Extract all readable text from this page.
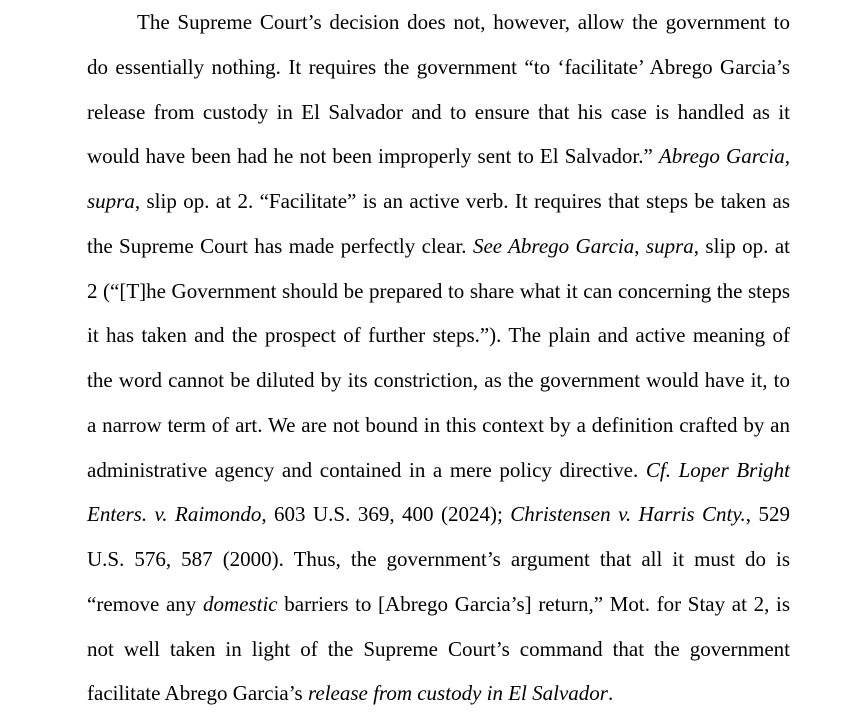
The Supreme Court’s decision does not, however, allow the government to do essentially nothing. It requires the government “to ‘facilitate’ Abrego Garcia’s release from custody in El Salvador and to ensure that his case is handled as it would have been had he not been improperly sent to El Salvador.” Abrego Garcia, supra, slip op. at 2. “Facilitate” is an active verb. It requires that steps be taken as the Supreme Court has made perfectly clear. See Abrego Garcia, supra, slip op. at 2 (“[T]he Government should be prepared to share what it can concerning the steps it has taken and the prospect of further steps.”). The plain and active meaning of the word cannot be diluted by its constriction, as the government would have it, to a narrow term of art. We are not bound in this context by a definition crafted by an administrative agency and contained in a mere policy directive. Cf. Loper Bright Enters. v. Raimondo, 603 U.S. 369, 400 (2024); Christensen v. Harris Cnty., 529 U.S. 576, 587 (2000). Thus, the government’s argument that all it must do is “remove any domestic barriers to [Abrego Garcia’s] return,” Mot. for Stay at 2, is not well taken in light of the Supreme Court’s command that the government facilitate Abrego Garcia’s release from custody in El Salvador.
